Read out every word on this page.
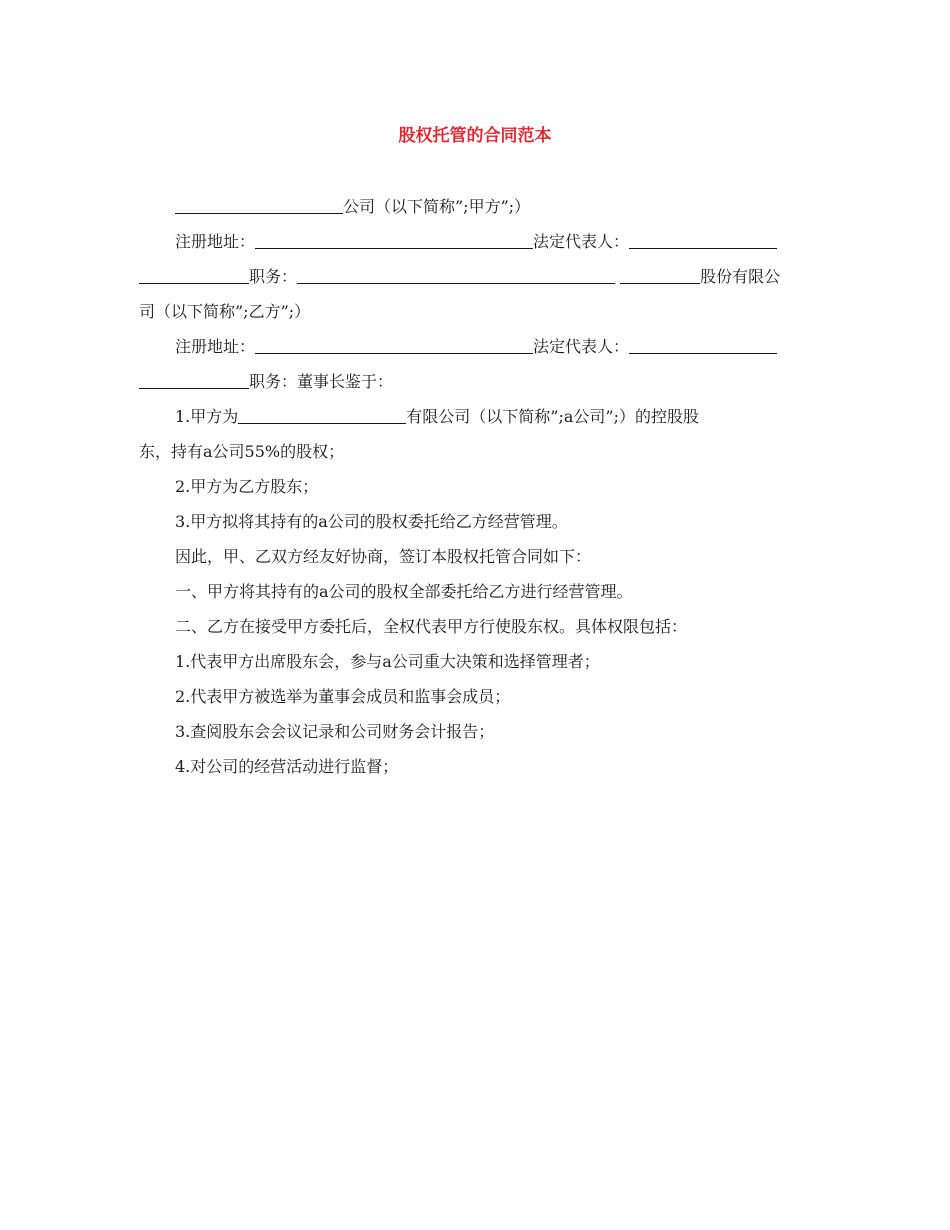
股权托管的合同范本

公司（以下简称”;甲方”;）

注册地址：	法定代表人：

职务：	股份有限公

司（以下简称”;乙方”;）

注册地址：	法定代表人：

职务：董事长鉴于：

1.甲方为	有限公司（以下简称”;a公司”;）的控股股

东，持有a公司55%的股权；

2.甲方为乙方股东；

3.甲方拟将其持有的a公司的股权委托给乙方经营管理。

因此，甲、乙双方经友好协商，签订本股权托管合同如下：

一、甲方将其持有的a公司的股权全部委托给乙方进行经营管理。

二、乙方在接受甲方委托后，全权代表甲方行使股东权。具体权限包括：

1.代表甲方出席股东会，参与a公司重大决策和选择管理者；

2.代表甲方被选举为董事会成员和监事会成员；

3.查阅股东会会议记录和公司财务会计报告；

4.对公司的经营活动进行监督；
